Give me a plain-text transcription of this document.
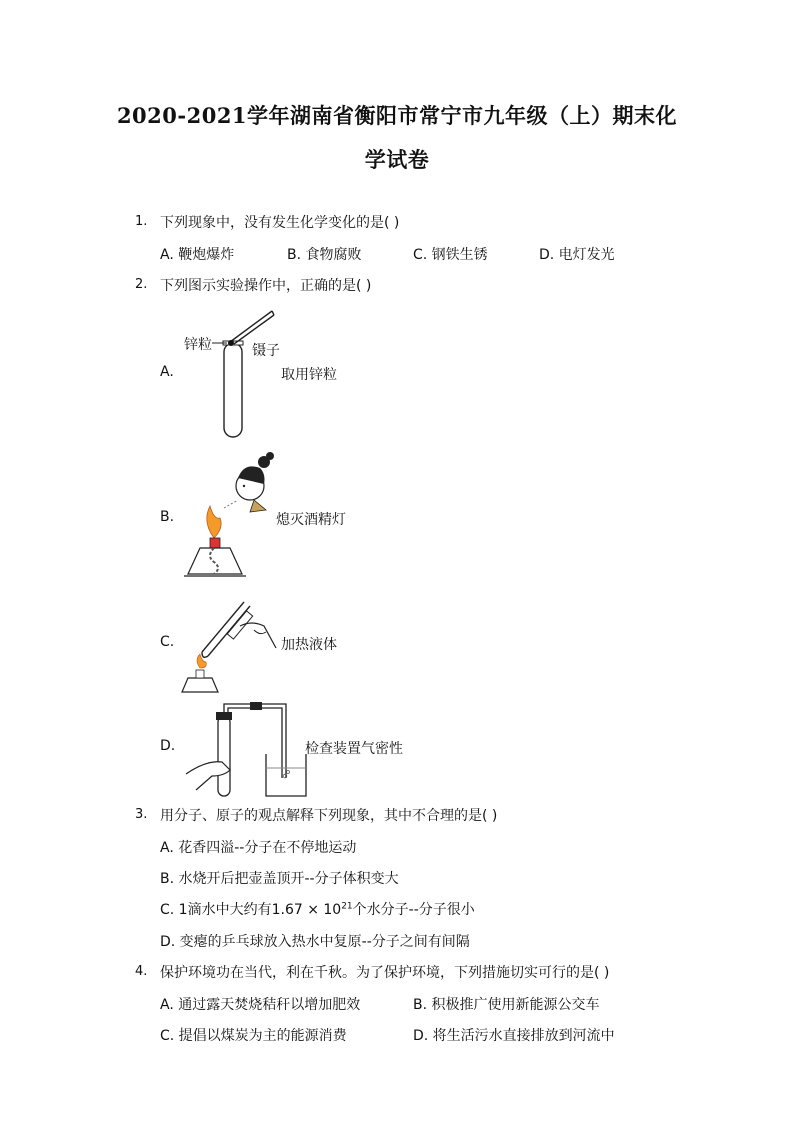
2020-2021学年湖南省衡阳市常宁市九年级（上）期末化
学试卷
1. 下列现象中，没有发生化学变化的是( )
A. 鞭炮爆炸	B. 食物腐败	C. 钢铁生锈	D. 电灯发光
2. 下列图示实验操作中，正确的是( )
A.
锌粒	镊子
取用锌粒
B.	熄灭酒精灯
C.	加热液体
D.	检查装置气密性
3. 用分子、原子的观点解释下列现象，其中不合理的是( )
A. 花香四溢--分子在不停地运动
B. 水烧开后把壶盖顶开--分子体积变大
C. 1滴水中大约有$1.67 \times 10^{21}$个水分子--分子很小
D. 变瘪的乒乓球放入热水中复原--分子之间有间隔
4. 保护环境功在当代，利在千秋。为了保护环境，下列措施切实可行的是( )
A. 通过露天焚烧秸秆以增加肥效	B. 积极推广使用新能源公交车
C. 提倡以煤炭为主的能源消费	D. 将生活污水直接排放到河流中
